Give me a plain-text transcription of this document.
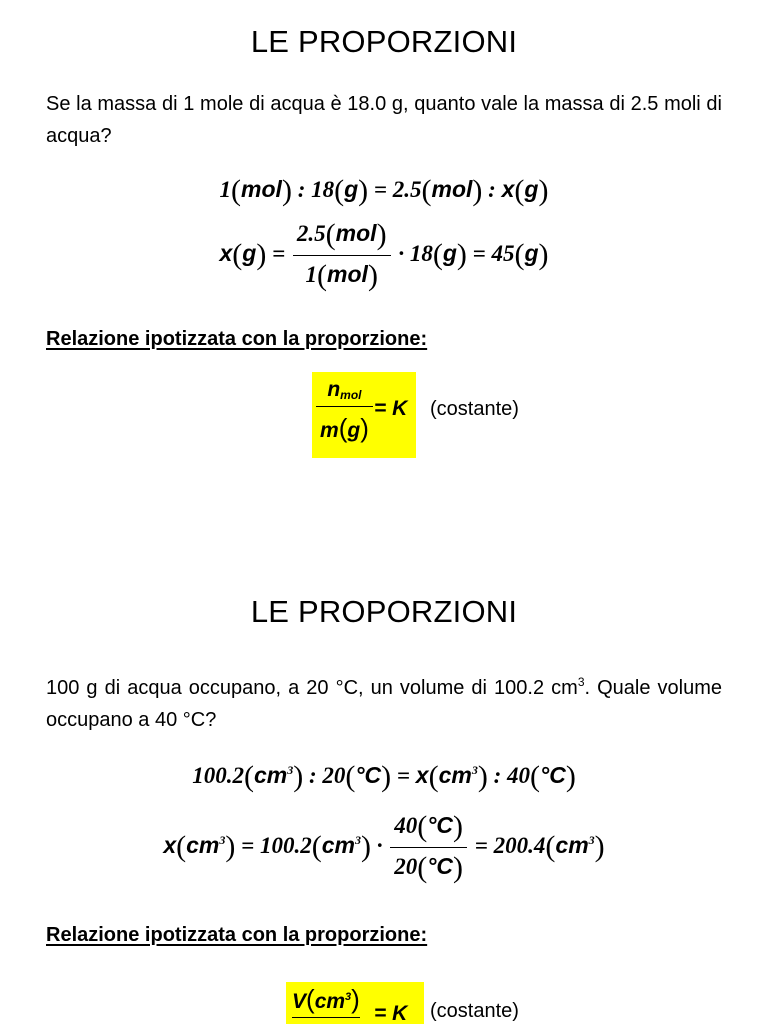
LE PROPORZIONI
Se la massa di 1 mole di acqua è 18.0 g, quanto vale la massa di 2.5 moli di acqua?
1(mol) : 18(g) = 2.5(mol) : x(g)
$x(g) = \frac{\text{2.5(mol)}}{\text{1(mol)}} \cdot 18(g) = 45(g)$
Relazione ipotizzata con la proporzione:
$n_{mol}$
m(g)
= K (costante)
LE PROPORZIONI
100 g di acqua occupano, a 20 °C, un volume di 100.2 $cm^3$. Quale volume occupano a 40 °C?
$100.2(cm^3)$ : $20(^\circ C) = x(cm^3)$ : 40(°C)
$x(cm^3) = 100.2(cm^3) \cdot \frac{40(^\circ C)}{20(^\circ C)} = 200.4(cm^3)$
Relazione ipotizzata con la proporzione:
$V(cm^3) = K$ (costante)
